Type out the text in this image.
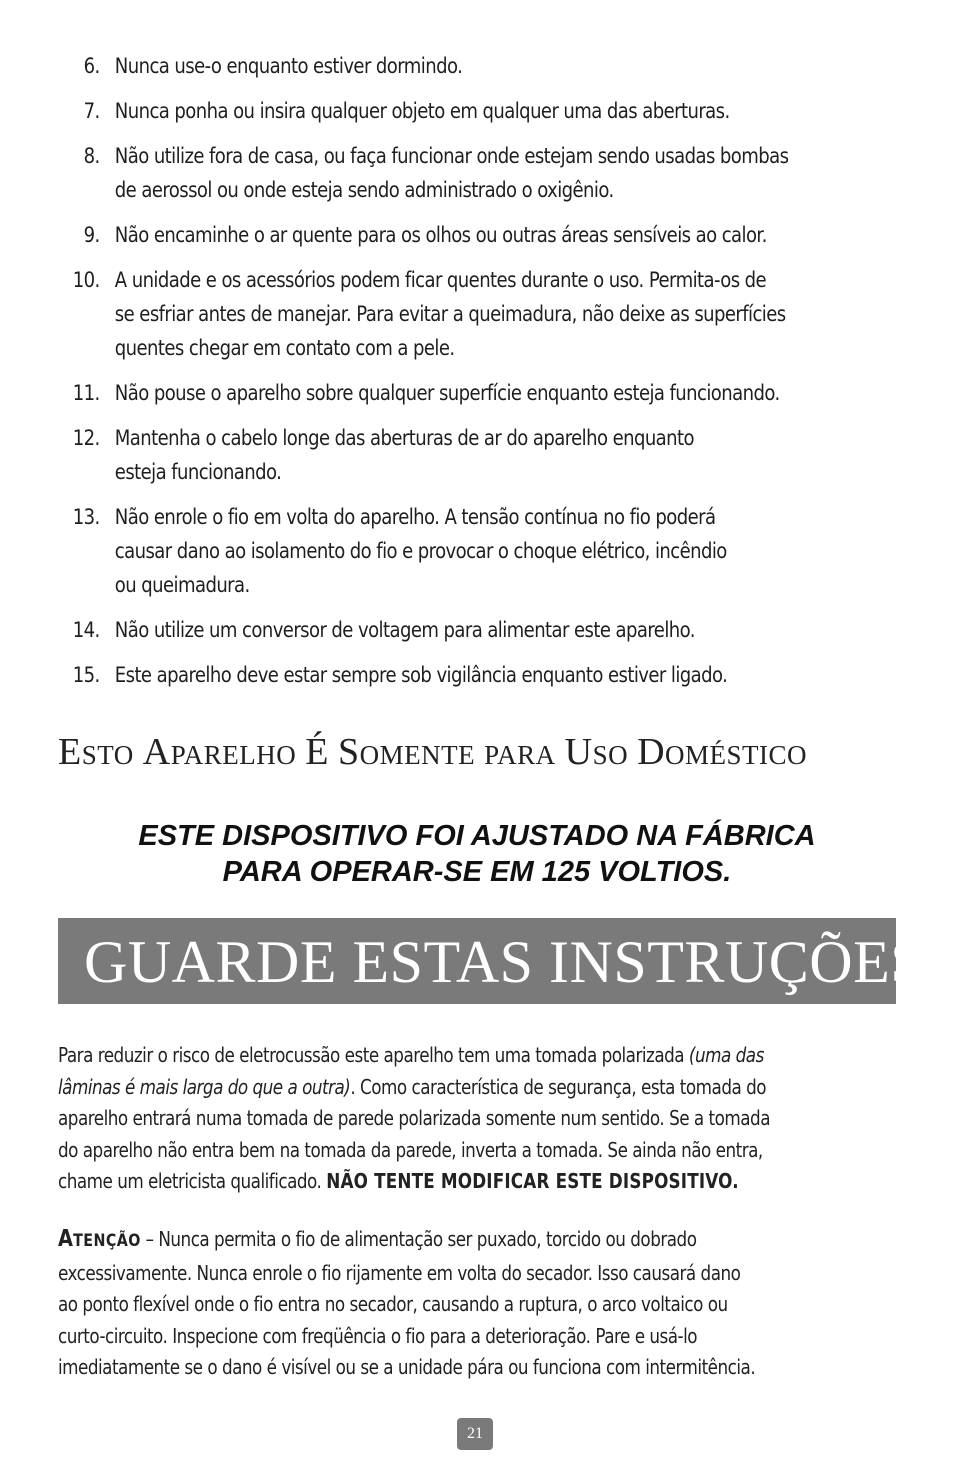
6. Nunca use-o enquanto estiver dormindo.
7. Nunca ponha ou insira qualquer objeto em qualquer uma das aberturas.
8. Não utilize fora de casa, ou faça funcionar onde estejam sendo usadas bombas
de aerossol ou onde esteja sendo administrado o oxigênio.
9. Não encaminhe o ar quente para os olhos ou outras áreas sensíveis ao calor.
10. A unidade e os acessórios podem ficar quentes durante o uso. Permita-os de
se esfriar antes de manejar. Para evitar a queimadura, não deixe as superfícies
quentes chegar em contato com a pele.
11. Não pouse o aparelho sobre qualquer superfície enquanto esteja funcionando.
12. Mantenha o cabelo longe das aberturas de ar do aparelho enquanto
esteja funcionando.
13. Não enrole o fio em volta do aparelho. A tensão contínua no fio poderá
causar dano ao isolamento do fio e provocar o choque elétrico, incêndio
ou queimadura.
14. Não utilize um conversor de voltagem para alimentar este aparelho.
15. Este aparelho deve estar sempre sob vigilância enquanto estiver ligado.
ESTO APARELHO É SOMENTE PARA USO DOMÉSTICO
ESTE DISPOSITIVO FOI AJUSTADO NA FÁBRICA
PARA OPERAR-SE EM 125 VOLTIOS.
GUARDE ESTAS INSTRUÇÕES
Para reduzir o risco de eletrocussão este aparelho tem uma tomada polarizada (uma das
lâminas é mais larga do que a outra). Como característica de segurança, esta tomada do
aparelho entrará numa tomada de parede polarizada somente num sentido. Se a tomada
do aparelho não entra bem na tomada da parede, inverta a tomada. Se ainda não entra,
chame um eletricista qualificado. NÃO TENTE MODIFICAR ESTE DISPOSITIVO.
ATENÇÃO – Nunca permita o fio de alimentação ser puxado, torcido ou dobrado
excessivamente. Nunca enrole o fio rijamente em volta do secador. Isso causará dano
ao ponto flexível onde o fio entra no secador, causando a ruptura, o arco voltaico ou
curto-circuito. Inspecione com freqüência o fio para a deterioração. Pare e usá-lo
imediatamente se o dano é visível ou se a unidade pára ou funciona com intermitência.
21
